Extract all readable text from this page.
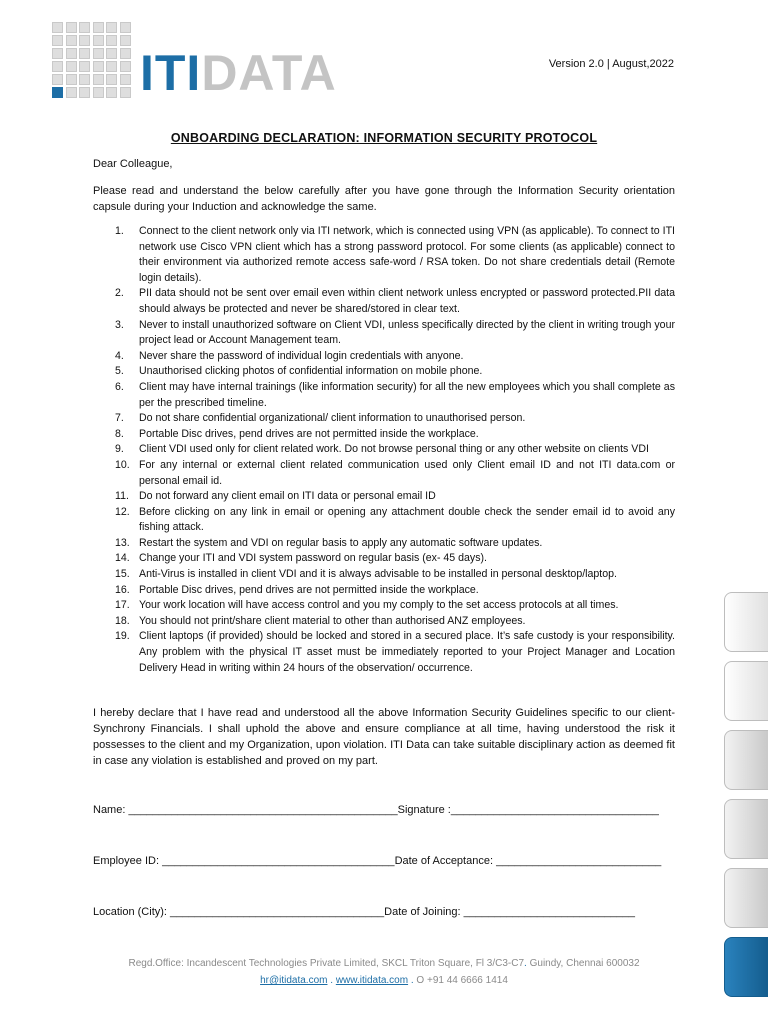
ITIDATA	Version 2.0 | August,2022
ONBOARDING DECLARATION: INFORMATION SECURITY PROTOCOL
Dear Colleague,
Please read and understand the below carefully after you have gone through the Information Security orientation capsule during your Induction and acknowledge the same.
1.	Connect to the client network only via ITI network, which is connected using VPN (as applicable). To connect to ITI network use Cisco VPN client which has a strong password protocol. For some clients (as applicable) connect to their environment via authorized remote access safe-word / RSA token. Do not share credentials detail (Remote login details).
2.	PII data should not be sent over email even within client network unless encrypted or password protected.PII data should always be protected and never be shared/stored in clear text.
3.	Never to install unauthorized software on Client VDI, unless specifically directed by the client in writing trough your project lead or Account Management team.
4.	Never share the password of individual login credentials with anyone.
5.	Unauthorised clicking photos of confidential information on mobile phone.
6.	Client may have internal trainings (like information security) for all the new employees which you shall complete as per the prescribed timeline.
7.	Do not share confidential organizational/ client information to unauthorised person.
8.	Portable Disc drives, pend drives are not permitted inside the workplace.
9.	Client VDI used only for client related work. Do not browse personal thing or any other website on clients VDI
10. For any internal or external client related communication used only Client email ID and not ITI data.com or personal email id.
11. Do not forward any client email on ITI data or personal email ID
12. Before clicking on any link in email or opening any attachment double check the sender email id to avoid any fishing attack.
13. Restart the system and VDI on regular basis to apply any automatic software updates.
14. Change your ITI and VDI system password on regular basis (ex- 45 days).
15. Anti-Virus is installed in client VDI and it is always advisable to be installed in personal desktop/laptop.
16. Portable Disc drives, pend drives are not permitted inside the workplace.
17. Your work location will have access control and you my comply to the set access protocols at all times.
18. You should not print/share client material to other than authorised ANZ employees.
19. Client laptops (if provided) should be locked and stored in a secured place. It’s safe custody is your responsibility. Any problem with the physical IT asset must be immediately reported to your Project Manager and Location Delivery Head in writing within 24 hours of the observation/ occurrence.
I hereby declare that I have read and understood all the above Information Security Guidelines specific to our client- Synchrony Financials. I shall uphold the above and ensure compliance at all time, having understood the risk it possesses to the client and my Organization, upon violation. ITI Data can take suitable disciplinary action as deemed fit in case any violation is established and proved on my part.
Name: ____________________________________________Signature :__________________________________
Employee ID: ______________________________________Date of Acceptance: ___________________________
Location (City): ___________________________________Date of Joining: ____________________________
Regd.Office: Incandescent Technologies Private Limited, SKCL Triton Square, Fl 3/C3-C7. Guindy, Chennai 600032
hr@itidata.com . www.itidata.com . O +91 44 6666 1414
